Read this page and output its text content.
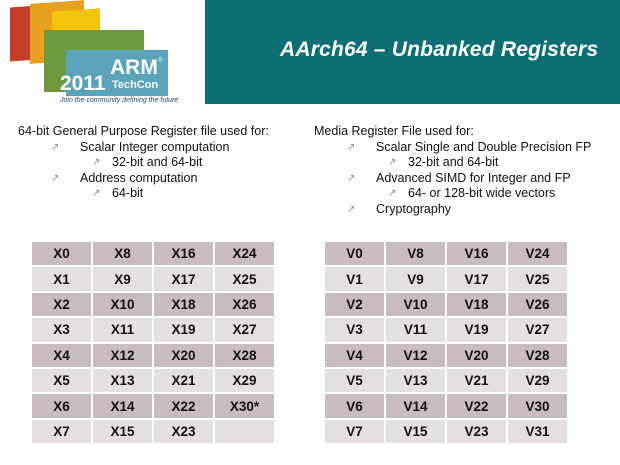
2011
ARM ®
TechCon
Join the community defining the future
AArch64 – Unbanked Registers
64-bit General Purpose Register file used for:
↗ Scalar Integer computation
↗ 32-bit and 64-bit
↗ Address computation
↗ 64-bit
Media Register File used for:
↗ Scalar Single and Double Precision FP
↗ 32-bit and 64-bit
↗ Advanced SIMD for Integer and FP
↗ 64- or 128-bit wide vectors
↗ Cryptography
X0	X8	X16	X24
X1	X9	X17	X25
X2	X10	X18	X26
X3	X11	X19	X27
X4	X12	X20	X28
X5	X13	X21	X29
X6	X14	X22	X30*
X7	X15	X23	
V0	V8	V16	V24
V1	V9	V17	V25
V2	V10	V18	V26
V3	V11	V19	V27
V4	V12	V20	V28
V5	V13	V21	V29
V6	V14	V22	V30
V7	V15	V23	V31
